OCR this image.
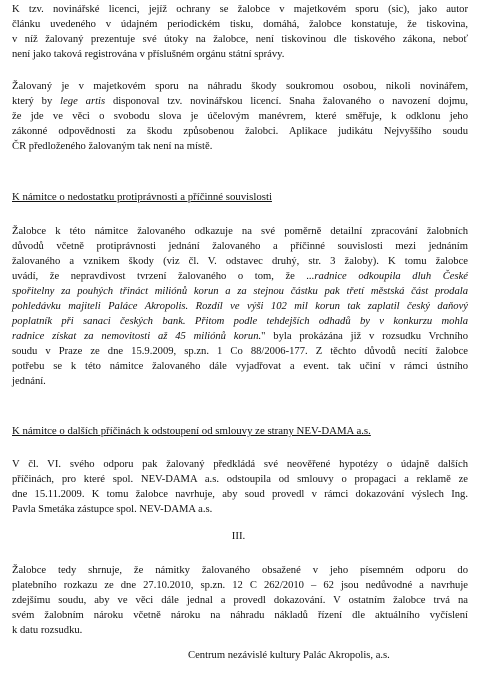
K tzv. novinářské licenci, jejíž ochrany se žalobce v majetkovém sporu (sic), jako autor
článku uvedeného v údajném periodickém tisku, domáhá, žalobce konstatuje, že tiskovina,
v níž žalovaný prezentuje své útoky na žalobce, není tiskovinou dle tiskového zákona, neboť
není jako taková registrována v příslušném orgánu státní správy.
Žalovaný je v majetkovém sporu na náhradu škody soukromou osobou, nikoli novinářem,
který by lege artis disponoval tzv. novinářskou licencí. Snaha žalovaného o navození dojmu,
že jde ve věci o svobodu slova je účelovým manévrem, které směřuje, k odklonu jeho
zákonné odpovědnosti za škodu způsobenou žalobci. Aplikace judikátu Nejvyššího soudu
ČR předloženého žalovaným tak není na místě.
K námitce o nedostatku protiprávnosti a příčinné souvislosti
Žalobce k této námitce žalovaného odkazuje na své poměrně detailní zpracování žalobních
důvodů včetně protiprávnosti jednání žalovaného a příčinné souvislosti mezi jednáním
žalovaného a vznikem škody (viz čl. V. odstavec druhý, str. 3 žaloby). K tomu žalobce
uvádí, že nepravdivost tvrzení žalovaného o tom, že ...radnice odkoupila dluh České
spořitelny za pouhých třináct miliónů korun a za stejnou částku pak třetí městská část prodala
pohledávku majiteli Paláce Akropolis. Rozdíl ve výši 102 mil korun tak zaplatil český daňový
poplatník při sanaci českých bank. Přitom podle tehdejších odhadů by v konkurzu mohla
radnice získat za nemovitosti až 45 miliónů korun." byla prokázána již v rozsudku Vrchního
soudu v Praze ze dne 15.9.2009, sp.zn. 1 Co 88/2006-177. Z těchto důvodů necítí žalobce
potřebu se k této námitce žalovaného dále vyjadřovat a event. tak učiní v rámci ústního
jednání.
K námitce o dalších příčinách k odstoupení od smlouvy ze strany NEV-DAMA a.s.
V čl. VI. svého odporu pak žalovaný předkládá své neověřené hypotézy o údajně dalších
příčinách, pro které spol. NEV-DAMA a.s. odstoupila od smlouvy o propagaci a reklamě ze
dne 15.11.2009. K tomu žalobce navrhuje, aby soud provedl v rámci dokazování výslech Ing.
Pavla Smetáka zástupce spol. NEV-DAMA a.s.
III.
Žalobce tedy shrnuje, že námitky žalovaného obsažené v jeho písemném odporu do
platebního rozkazu ze dne 27.10.2010, sp.zn. 12 C 262/2010 – 62 jsou nedůvodné a navrhuje
zdejšímu soudu, aby ve věci dále jednal a provedl dokazování. V ostatním žalobce trvá na
svém žalobním nároku včetně nároku na náhradu nákladů řízení dle aktuálního vyčíslení
k datu rozsudku.
Centrum nezávislé kultury Palác Akropolis, a.s.
